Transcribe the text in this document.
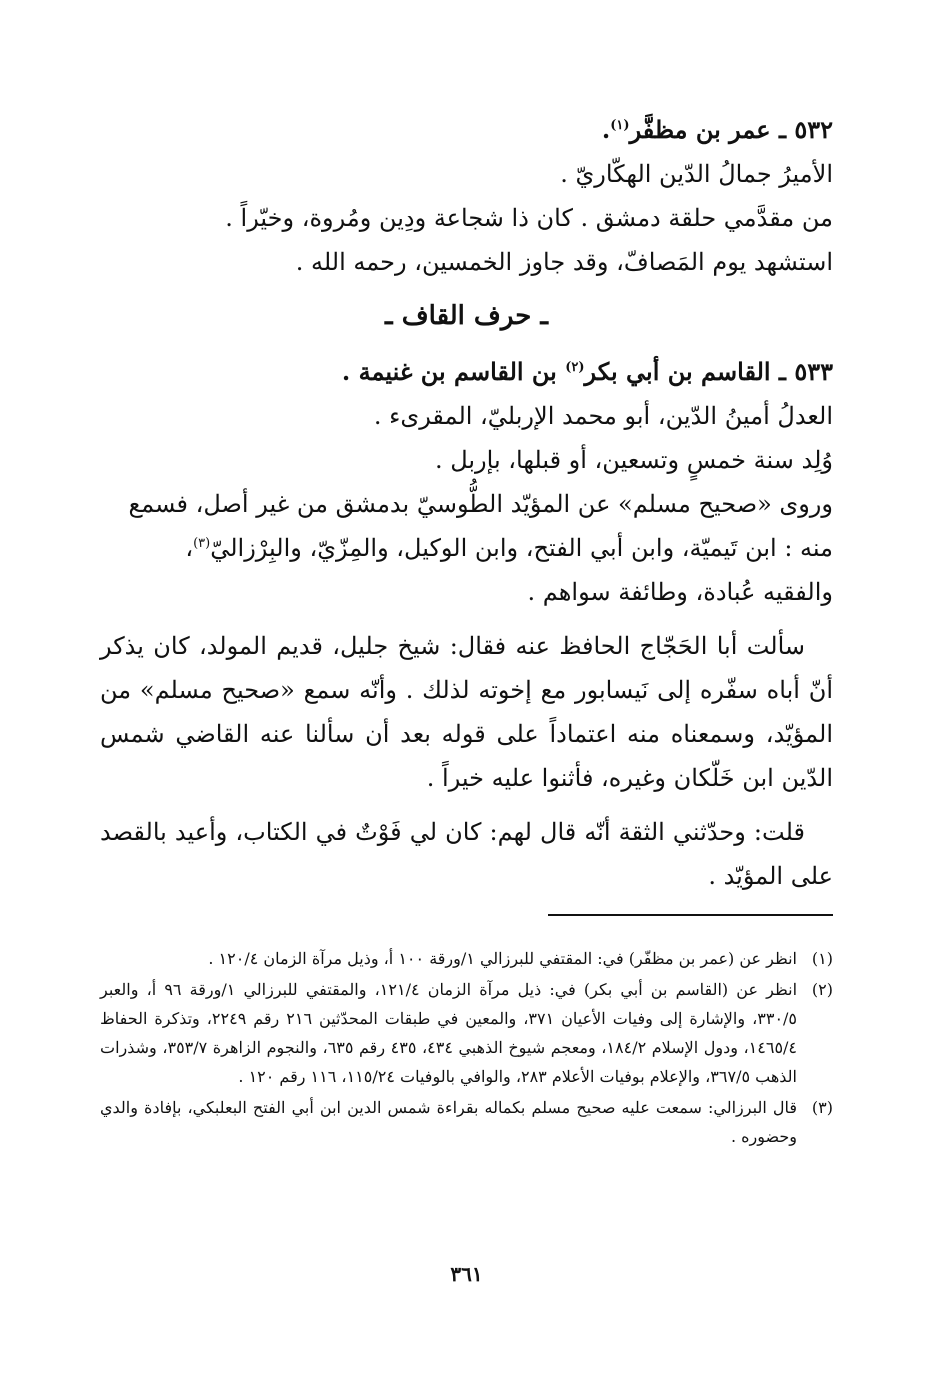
٥٣٢ ـ عمر بن مظفَّر$^{(١)}$.
الأميرُ جمالُ الدّين الهكّاريّ .
من مقدَّمي حلقة دمشق . كان ذا شجاعة ودِين ومُروة، وخيّراً .
استشهد يوم المَصافّ، وقد جاوز الخمسين، رحمه الله .
ـ حرف القاف ـ
٥٣٣ ـ القاسم بن أبي بكر$^{(٢)}$ بن القاسم بن غنيمة .
العدلُ أمينُ الدّين، أبو محمد الإربليّ، المقرىء .
وُلِد سنة خمسٍ وتسعين، أو قبلها، بإربل .
وروى «صحيح مسلم» عن المؤيّد الطُّوسيّ بدمشق من غير أصل، فسمع
منه : ابن تَيميّة، وابن أبي الفتح، وابن الوكيل، والمِزّيّ، والبِرْزاليّ$^{(٣)}$،
والفقيه عُبادة، وطائفة سواهم .
سألت أبا الحَجّاج الحافظ عنه فقال: شيخ جليل، قديم المولد، كان يذكر أنّ أباه سفّره إلى نَيسابور مع إخوته لذلك . وأنّه سمع «صحيح مسلم» من المؤيّد، وسمعناه منه اعتماداً على قوله بعد أن سألنا عنه القاضي شمس الدّين ابن خَلّكان وغيره، فأثنوا عليه خيراً .
قلت: وحدّثني الثقة أنّه قال لهم: كان لي فَوْتٌ في الكتاب، وأعيد بالقصد على المؤيّد .
(١)
انظر عن (عمر بن مظفّر) في: المقتفي للبرزالي ١/ورقة ١٠٠ أ، وذيل مرآة الزمان ١٢٠/٤ .
(٢)
انظر عن (القاسم بن أبي بكر) في: ذيل مرآة الزمان ١٢١/٤، والمقتفي للبرزالي ١/ورقة ٩٦ أ، والعبر ٣٣٠/٥، والإشارة إلى وفيات الأعيان ٣٧١، والمعين في طبقات المحدّثين ٢١٦ رقم ٢٢٤٩، وتذكرة الحفاظ ١٤٦٥/٤، ودول الإسلام ١٨٤/٢، ومعجم شيوخ الذهبي ٤٣٤، ٤٣٥ رقم ٦٣٥، والنجوم الزاهرة ٣٥٣/٧، وشذرات الذهب ٣٦٧/٥، والإعلام بوفيات الأعلام ٢٨٣، والوافي بالوفيات ١١٥/٢٤، ١١٦ رقم ١٢٠ .
(٣)
قال البرزالي: سمعت عليه صحيح مسلم بكماله بقراءة شمس الدين ابن أبي الفتح البعلبكي، بإفادة والدي وحضوره .
٣٦١
